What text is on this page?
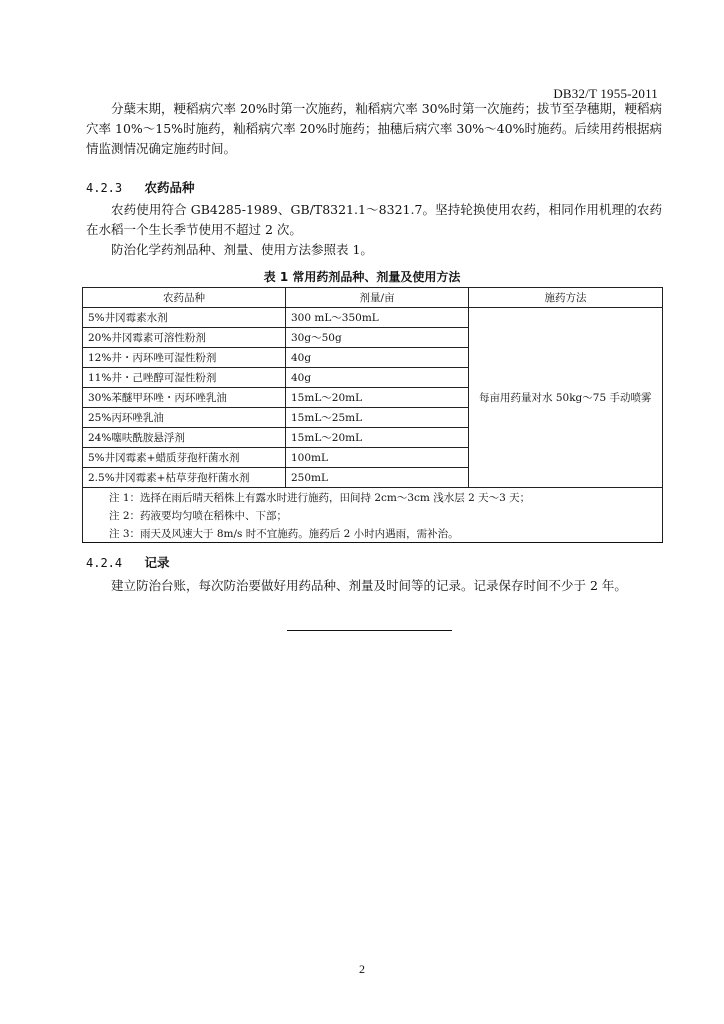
DB32/T 1955-2011

分蘖末期，粳稻病穴率 20%时第一次施药，籼稻病穴率 30%时第一次施药；拔节至孕穗期，粳稻病穴率 10%～15%时施药，籼稻病穴率 20%时施药；抽穗后病穴率 30%～40%时施药。后续用药根据病情监测情况确定施药时间。

4.2.3 农药品种

农药使用符合 GB4285-1989、GB/T8321.1～8321.7。坚持轮换使用农药，相同作用机理的农药在水稻一个生长季节使用不超过 2 次。

防治化学药剂品种、剂量、使用方法参照表 1。

表 1 常用药剂品种、剂量及使用方法
农药品种	剂量/亩	施药方法
5%井冈霉素水剂	300 mL～350mL	每亩用药量对水 50kg～75 手动喷雾
20%井冈霉素可溶性粉剂	30g～50g	
12%井・丙环唑可湿性粉剂	40g	
11%井・己唑醇可湿性粉剂	40g	
30%苯醚甲环唑・丙环唑乳油	15mL～20mL	
25%丙环唑乳油	15mL～25mL	
24%噻呋酰胺悬浮剂	15mL～20mL	
5%井冈霉素+蜡质芽孢杆菌水剂	100mL	
2.5%井冈霉素+枯草芽孢杆菌水剂	250mL	
注 1：选择在雨后晴天稻株上有露水时进行施药，田间持 2cm～3cm 浅水层 2 天～3 天；		
注 2：药液要均匀喷在稻株中、下部；		
注 3：雨天及风速大于 8m/s 时不宜施药。施药后 2 小时内遇雨，需补治。		
4.2.4 记录

建立防治台账，每次防治要做好用药品种、剂量及时间等的记录。记录保存时间不少于 2 年。

2
